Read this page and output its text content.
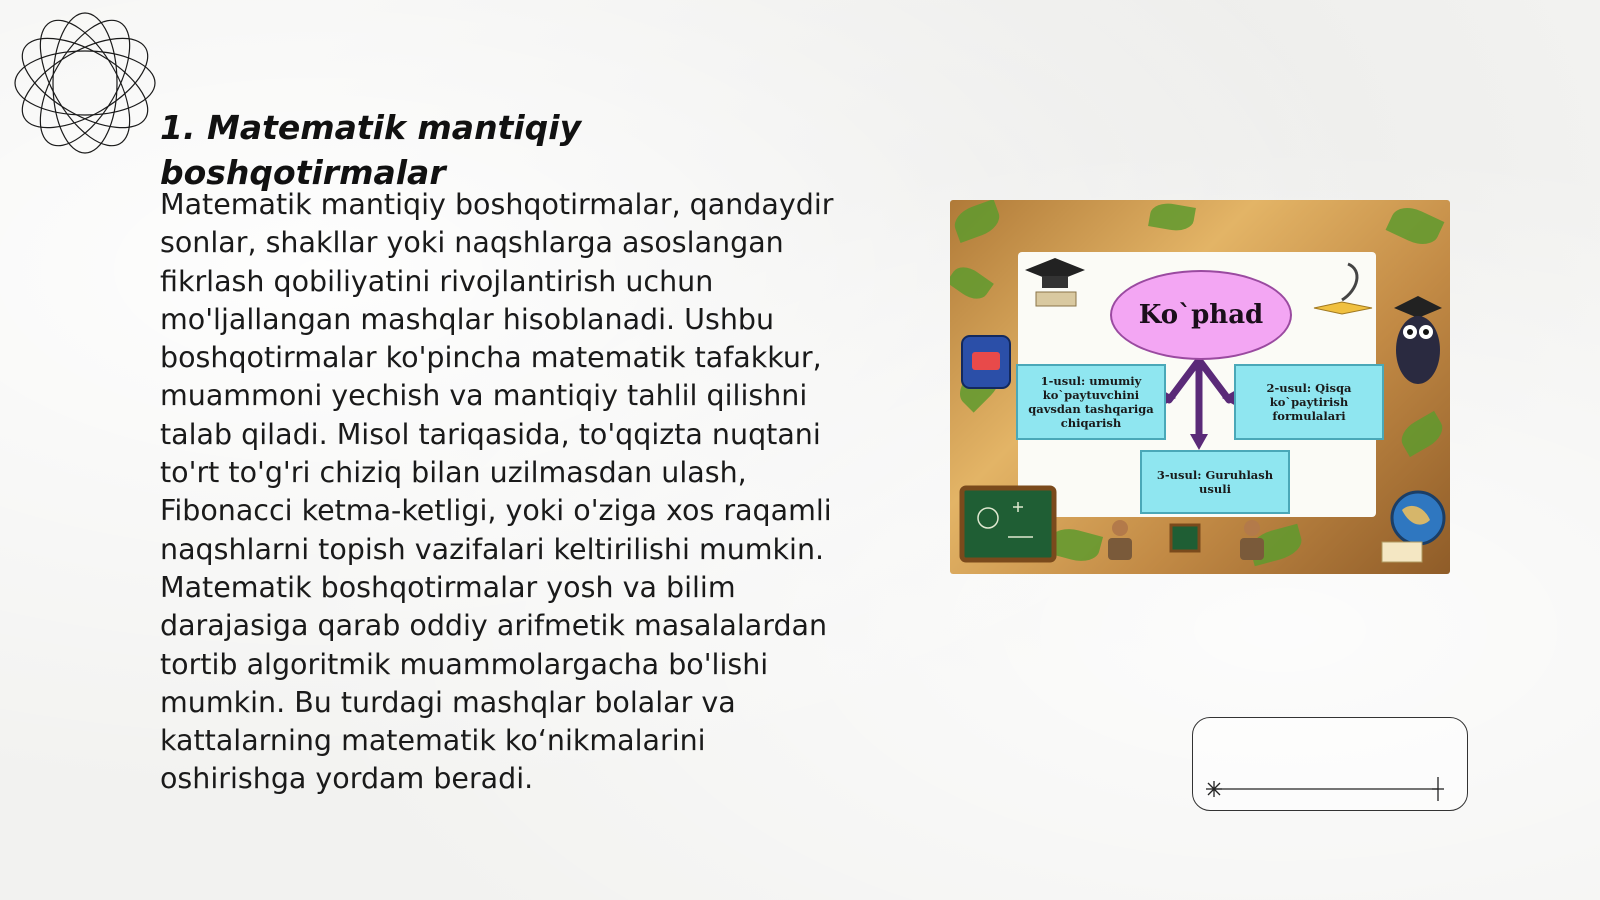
1. Matematik mantiqiy boshqotirmalar

Matematik mantiqiy boshqotirmalar, qandaydir sonlar, shakllar yoki naqshlarga asoslangan fikrlash qobiliyatini rivojlantirish uchun mo'ljallangan mashqlar hisoblanadi. Ushbu boshqotirmalar ko'pincha matematik tafakkur, muammoni yechish va mantiqiy tahlil qilishni talab qiladi. Misol tariqasida, to'qqizta nuqtani to'rt to'g'ri chiziq bilan uzilmasdan ulash, Fibonacci ketma-ketligi, yoki o'ziga xos raqamli naqshlarni topish vazifalari keltirilishi mumkin. Matematik boshqotirmalar yosh va bilim darajasiga qarab oddiy arifmetik masalalardan tortib algoritmik muammolargacha bo'lishi mumkin. Bu turdagi mashqlar bolalar va kattalarning matematik ko‘nikmalarini oshirishga yordam beradi.

Ko`phad
1-usul: umumiy ko`paytuvchini qavsdan tashqariga chiqarish
2-usul: Qisqa ko`paytirish formulalari
3-usul: Guruhlash usuli
